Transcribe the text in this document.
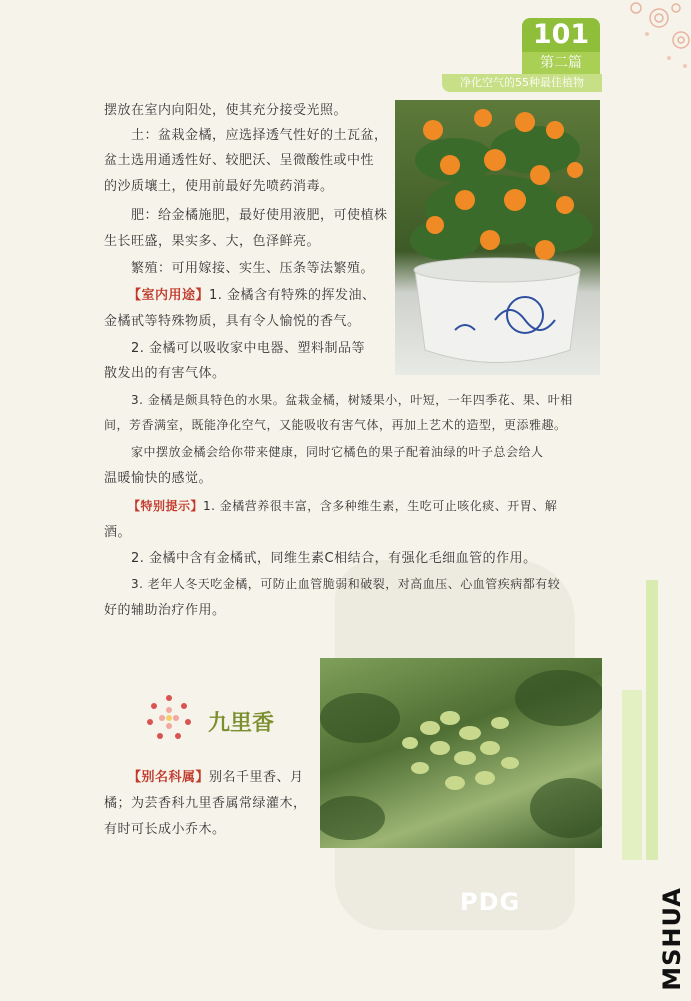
101
第二篇
净化空气的55种最佳植物
PDG

摆放在室内向阳处，使其充分接受光照。

土：盆栽金橘，应选择透气性好的土瓦盆，

盆土选用通透性好、较肥沃、呈微酸性或中性

的沙质壤土，使用前最好先喷药消毒。

肥：给金橘施肥，最好使用液肥，可使植株

生长旺盛，果实多、大，色泽鲜亮。

繁殖：可用嫁接、实生、压条等法繁殖。

【室内用途】1. 金橘含有特殊的挥发油、

金橘甙等特殊物质，具有令人愉悦的香气。

2. 金橘可以吸收家中电器、塑料制品等

散发出的有害气体。

3. 金橘是颇具特色的水果。盆栽金橘，树矮果小，叶短，一年四季花、果、叶相

间，芳香满室，既能净化空气，又能吸收有害气体，再加上艺术的造型，更添雅趣。

家中摆放金橘会给你带来健康，同时它橘色的果子配着油绿的叶子总会给人

温暖愉快的感觉。

【特别提示】1. 金橘营养很丰富，含多种维生素，生吃可止咳化痰、开胃、解

酒。

2. 金橘中含有金橘甙，同维生素C相结合，有强化毛细血管的作用。

3. 老年人冬天吃金橘，可防止血管脆弱和破裂，对高血压、心血管疾病都有较

好的辅助治疗作用。

九里香

【别名科属】别名千里香、月

橘；为芸香科九里香属常绿灌木，

有时可长成小乔木。

MSHUA
